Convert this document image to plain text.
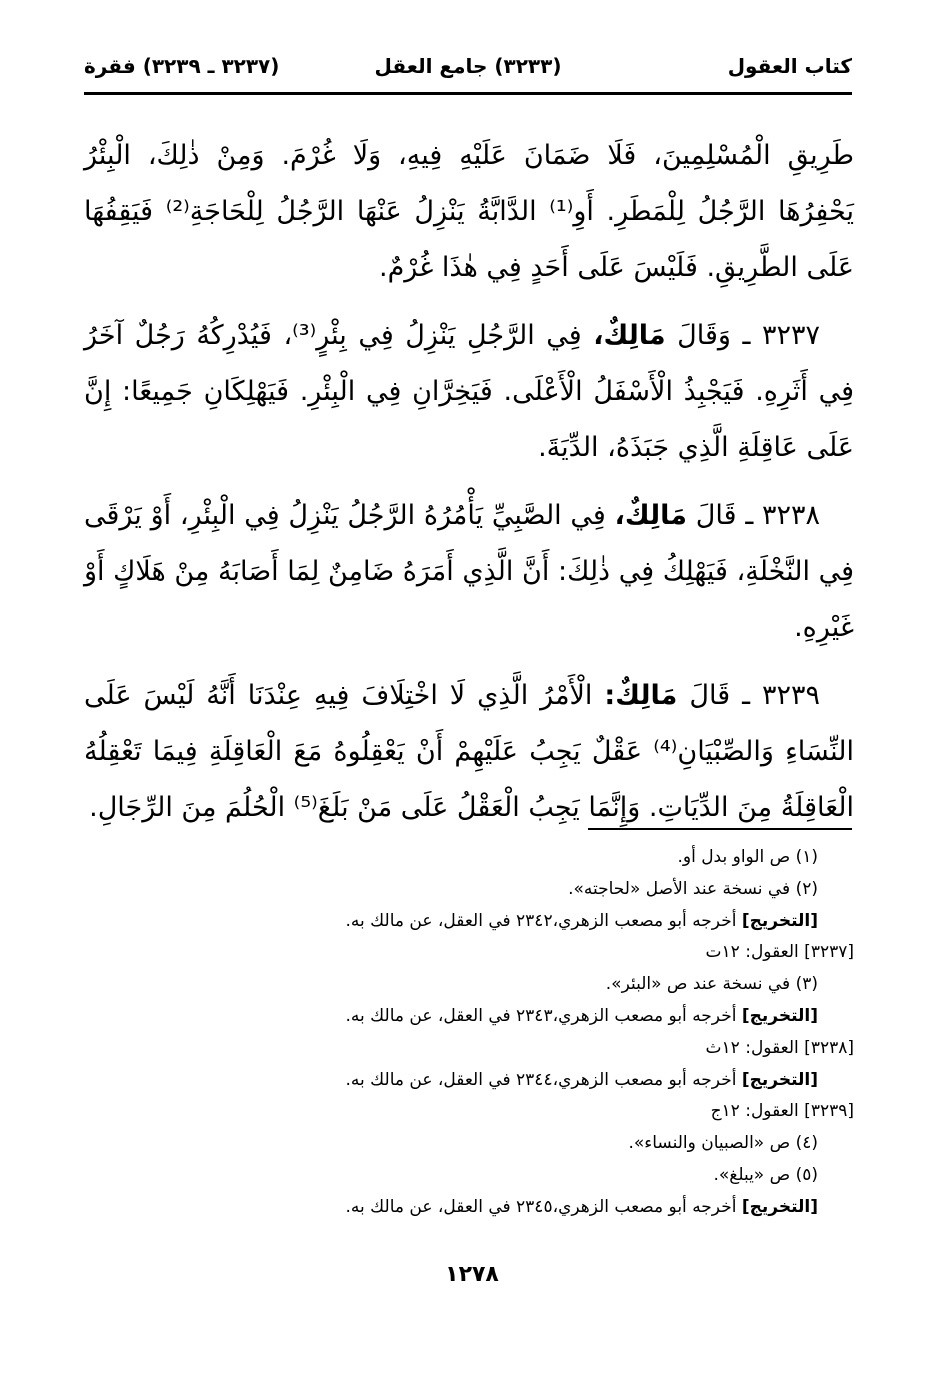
كتاب العقول
(٣٢٣٣) جامع العقل
(٣٢٣٧ ـ ٣٢٣٩) فقرة

طَرِيقِ الْمُسْلِمِينَ، فَلَا ضَمَانَ عَلَيْهِ فِيهِ، وَلَا غُرْمَ. وَمِنْ ذٰلِكَ، الْبِئْرُ يَحْفِرُهَا الرَّجُلُ لِلْمَطَرِ. أَوِ⁽¹⁾ الدَّابَّةُ يَنْزِلُ عَنْهَا الرَّجُلُ لِلْحَاجَةِ⁽²⁾ فَيَقِفُهَا عَلَى الطَّرِيقِ. فَلَيْسَ عَلَى أَحَدٍ فِي هٰذَا غُرْمٌ.

٣٢٣٧ ـ وَقَالَ مَالِكٌ، فِي الرَّجُلِ يَنْزِلُ فِي بِئْرٍ⁽³⁾، فَيُدْرِكُهُ رَجُلٌ آخَرُ فِي أَثَرِهِ. فَيَجْبِذُ الْأَسْفَلُ الْأَعْلَى. فَيَخِرَّانِ فِي الْبِئْرِ. فَيَهْلِكَانِ جَمِيعًا: إِنَّ عَلَى عَاقِلَةِ الَّذِي جَبَذَهُ، الدِّيَةَ.

٣٢٣٨ ـ قَالَ مَالِكٌ، فِي الصَّبِيِّ يَأْمُرُهُ الرَّجُلُ يَنْزِلُ فِي الْبِئْرِ، أَوْ يَرْقَى فِي النَّخْلَةِ، فَيَهْلِكُ فِي ذٰلِكَ: أَنَّ الَّذِي أَمَرَهُ ضَامِنٌ لِمَا أَصَابَهُ مِنْ هَلَاكٍ أَوْ غَيْرِهِ.

٣٢٣٩ ـ قَالَ مَالِكٌ: الْأَمْرُ الَّذِي لَا اخْتِلَافَ فِيهِ عِنْدَنَا أَنَّهُ لَيْسَ عَلَى النِّسَاءِ وَالصِّبْيَانِ⁽⁴⁾ عَقْلٌ يَجِبُ عَلَيْهِمْ أَنْ يَعْقِلُوهُ مَعَ الْعَاقِلَةِ فِيمَا تَعْقِلُهُ الْعَاقِلَةُ مِنَ الدِّيَاتِ. وَإِنَّمَا يَجِبُ الْعَقْلُ عَلَى مَنْ بَلَغَ⁽⁵⁾ الْحُلُمَ مِنَ الرِّجَالِ.

(١) ص الواو بدل أو.
(٢) في نسخة عند الأصل «لحاجته».
[التخريج] أخرجه أبو مصعب الزهري،٢٣٤٢ في العقل، عن مالك به.
[٣٢٣٧] العقول: ١٢ت
(٣) في نسخة عند ص «البئر».
[التخريج] أخرجه أبو مصعب الزهري،٢٣٤٣ في العقل، عن مالك به.
[٣٢٣٨] العقول: ١٢ث
[التخريج] أخرجه أبو مصعب الزهري،٢٣٤٤ في العقل، عن مالك به.
[٣٢٣٩] العقول: ١٢ج
(٤) ص «الصبيان والنساء».
(٥) ص «يبلغ».
[التخريج] أخرجه أبو مصعب الزهري،٢٣٤٥ في العقل، عن مالك به.
١٢٧٨
